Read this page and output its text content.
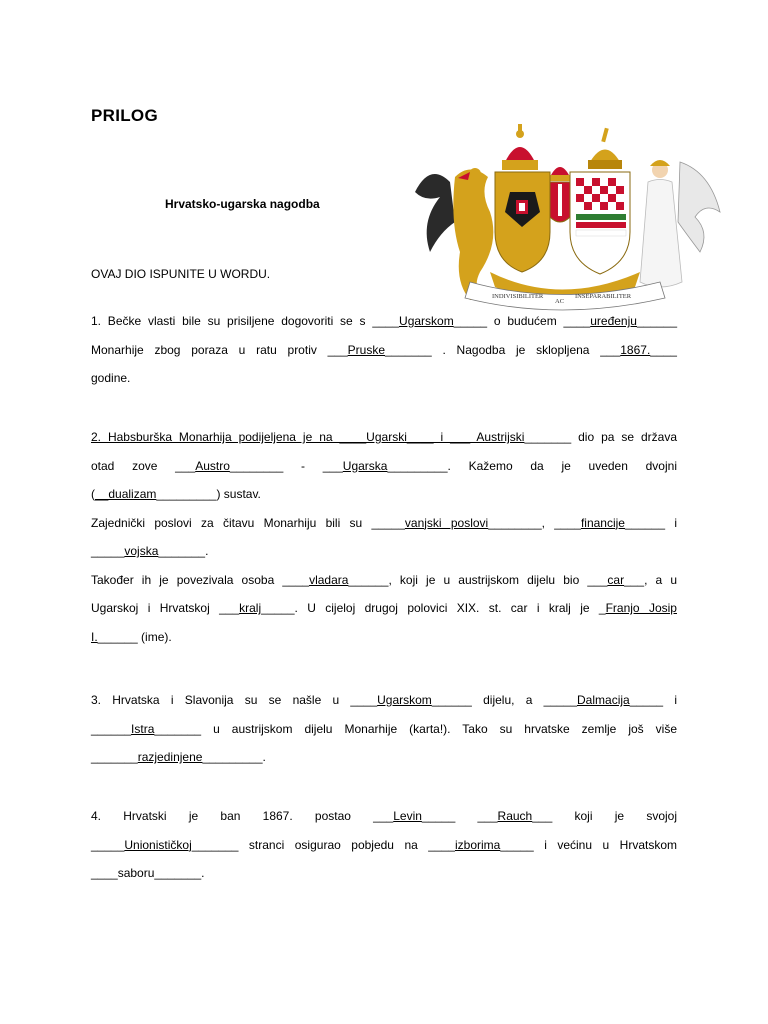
PRILOG
Hrvatsko-ugarska nagodba
OVAJ DIO ISPUNITE U WORDU.
INDIVISIBILITER
AC
INSEPARABILITER
1. Bečke vlasti bile su prisiljene dogovoriti se s ____Ugarskom_____ o budućem ____uređenju______
Monarhije zbog poraza u ratu protiv ___Pruske_______ . Nagodba je sklopljena ___1867.____
godine.
2. Habsburška Monarhija podijeljena je na ____Ugarski____ i ___ Austrijski_______ dio pa se država
otad zove ___Austro________ - ___Ugarska_________. Kažemo da je uveden dvojni
(__dualizam_________) sustav.
Zajednički poslovi za čitavu Monarhiju bili su _____vanjski poslovi________, ____financije______ i
_____vojska_______.
Također ih je povezivala osoba ____vladara______, koji je u austrijskom dijelu bio ___car___, a u
Ugarskoj i Hrvatskoj ___kralj_____. U cijeloj drugoj polovici XIX. st. car i kralj je _Franjo Josip
I.______ (ime).
3. Hrvatska i Slavonija su se našle u ____Ugarskom______ dijelu, a _____Dalmacija_____ i
______Istra_______ u austrijskom dijelu Monarhije (karta!). Tako su hrvatske zemlje još više
_______razjedinjene_________.
4. Hrvatski je ban 1867. postao ___Levin_____ ___Rauch___ koji je svojoj
_____Unionističkoj_______ stranci osigurao pobjedu na ____izborima_____ i većinu u Hrvatskom
____saboru_______.
